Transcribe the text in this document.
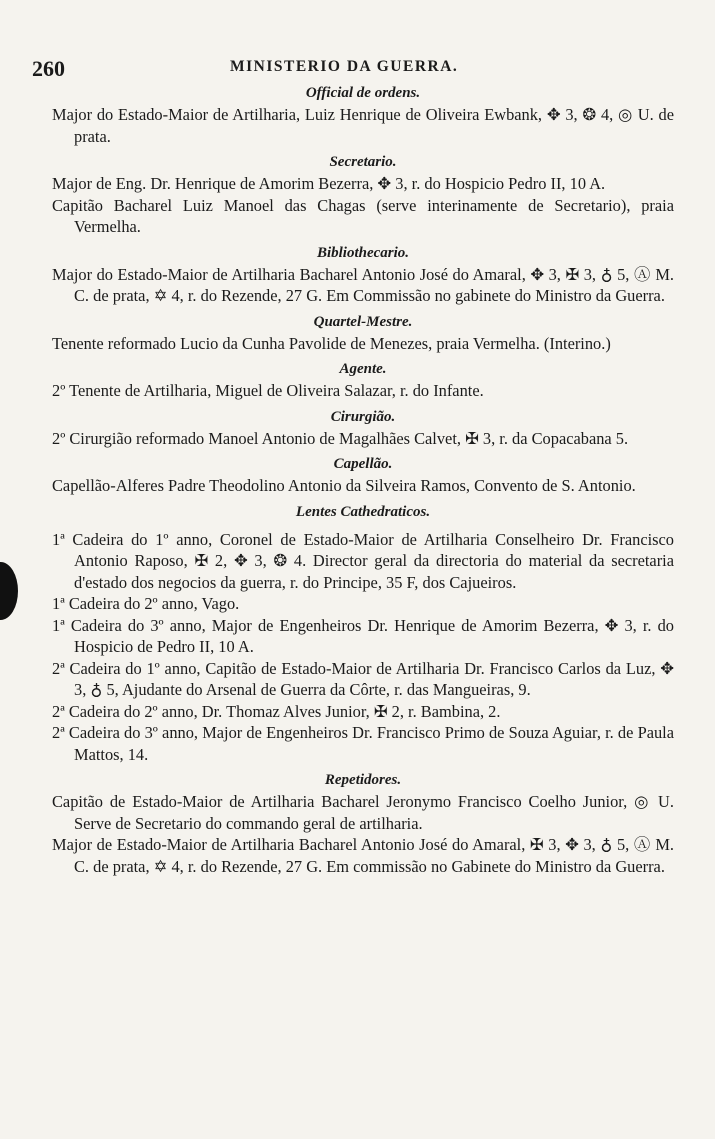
260	MINISTERIO DA GUERRA.
Official de ordens.

Major do Estado-Maior de Artilharia, Luiz Henrique de Oliveira Ewbank, ✥ 3, ❂ 4, ◎ U. de prata.

Secretario.

Major de Eng. Dr. Henrique de Amorim Bezerra, ✥ 3, r. do Hospicio Pedro II, 10 A.

Capitão Bacharel Luiz Manoel das Chagas (serve interinamente de Secretario), praia Vermelha.

Bibliothecario.

Major do Estado-Maior de Artilharia Bacharel Antonio José do Amaral, ✥ 3, ✠ 3, ♁ 5, Ⓐ M. C. de prata, ✡ 4, r. do Rezende, 27 G. Em Commissão no gabinete do Ministro da Guerra.

Quartel-Mestre.

Tenente reformado Lucio da Cunha Pavolide de Menezes, praia Vermelha. (Interino.)

Agente.

2º Tenente de Artilharia, Miguel de Oliveira Salazar, r. do Infante.

Cirurgião.

2º Cirurgião reformado Manoel Antonio de Magalhães Calvet, ✠ 3, r. da Copacabana 5.

Capellão.

Capellão-Alferes Padre Theodolino Antonio da Silveira Ramos, Convento de S. Antonio.

Lentes Cathedraticos.

1ª Cadeira do 1º anno, Coronel de Estado-Maior de Artilharia Conselheiro Dr. Francisco Antonio Raposo, ✠ 2, ✥ 3, ❂ 4. Director geral da directoria do material da secretaria d'estado dos negocios da guerra, r. do Principe, 35 F, dos Cajueiros.

1ª Cadeira do 2º anno, Vago.

1ª Cadeira do 3º anno, Major de Engenheiros Dr. Henrique de Amorim Bezerra, ✥ 3, r. do Hospicio de Pedro II, 10 A.

2ª Cadeira do 1º anno, Capitão de Estado-Maior de Artilharia Dr. Francisco Carlos da Luz, ✥ 3, ♁ 5, Ajudante do Arsenal de Guerra da Côrte, r. das Mangueiras, 9.

2ª Cadeira do 2º anno, Dr. Thomaz Alves Junior, ✠ 2, r. Bambina, 2.

2ª Cadeira do 3º anno, Major de Engenheiros Dr. Francisco Primo de Souza Aguiar, r. de Paula Mattos, 14.

Repetidores.

Capitão de Estado-Maior de Artilharia Bacharel Jeronymo Francisco Coelho Junior, ◎ U. Serve de Secretario do commando geral de artilharia.

Major de Estado-Maior de Artilharia Bacharel Antonio José do Amaral, ✠ 3, ✥ 3, ♁ 5, Ⓐ M. C. de prata, ✡ 4, r. do Rezende, 27 G. Em commissão no Gabinete do Ministro da Guerra.
